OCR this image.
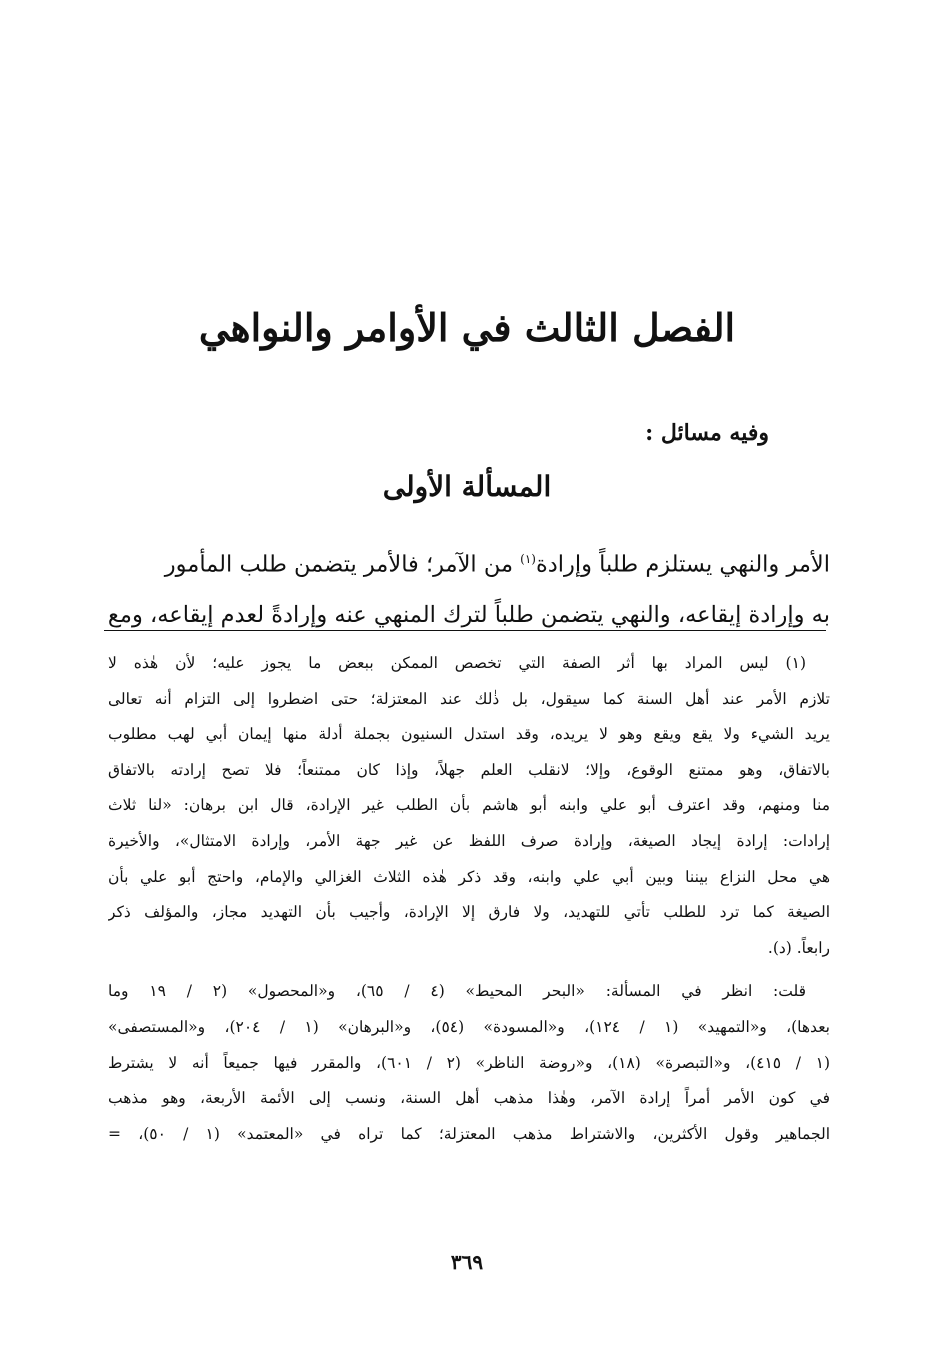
الفصل الثالث في الأوامر والنواهي
وفيه مسائل :
المسألة الأولى
الأمر والنهي يستلزم طلباً وإرادة$^{(١)}$ من الآمر؛ فالأمر يتضمن طلب المأمور
به وإرادة إيقاعه، والنهي يتضمن طلباً لترك المنهي عنه وإرادةً لعدم إيقاعه، ومع
(١) ليس المراد بها أثر الصفة التي تخصص الممكن ببعض ما يجوز عليه؛ لأن هٰذه لا
تلازم الأمر عند أهل السنة كما سيقول، بل ذٰلك عند المعتزلة؛ حتى اضطروا إلى التزام أنه تعالى
يريد الشيء ولا يقع ويقع وهو لا يريده، وقد استدل السنيون بجملة أدلة منها إيمان أبي لهب مطلوب
بالاتفاق، وهو ممتنع الوقوع، وإلا؛ لانقلب العلم جهلاً، وإذا كان ممتنعاً؛ فلا تصح إرادته بالاتفاق
منا ومنهم، وقد اعترف أبو علي وابنه أبو هاشم بأن الطلب غير الإرادة، قال ابن برهان: «لنا ثلاث
إرادات: إرادة إيجاد الصيغة، وإرادة صرف اللفظ عن غير جهة الأمر، وإرادة الامتثال»، والأخيرة
هي محل النزاع بيننا وبين أبي علي وابنه، وقد ذكر هٰذه الثلاث الغزالي والإمام، واحتج أبو علي بأن
الصيغة كما ترد للطلب تأتي للتهديد، ولا فارق إلا الإرادة، وأجيب بأن التهديد مجاز، والمؤلف ذكر
رابعاً. (د).
قلت: انظر في المسألة: «البحر المحيط» (٤ / ٦٥)، و«المحصول» (٢ / ١٩ وما
بعدها)، و«التمهيد» (١ / ١٢٤)، و«المسودة» (٥٤)، و«البرهان» (١ / ٢٠٤)، و«المستصفى»
(١ / ٤١٥)، و«التبصرة» (١٨)، و«روضة الناظر» (٢ / ٦٠١)، والمقرر فيها جميعاً أنه لا يشترط
في كون الأمر أمراً إرادة الآمر، وهٰذا مذهب أهل السنة، ونسب إلى الأئمة الأربعة، وهو مذهب
الجماهير وقول الأكثرين، والاشتراط مذهب المعتزلة؛ كما تراه في «المعتمد» (١ / ٥٠)، =
٣٦٩
